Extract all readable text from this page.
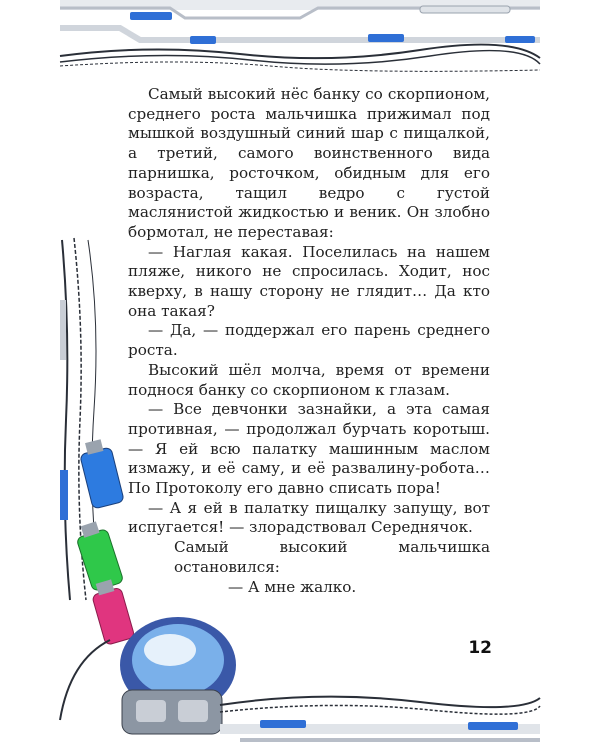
Самый высокий нёс банку со скорпионом, среднего роста мальчишка прижимал под мышкой воздушный синий шар с пищалкой, а третий, самого воинственного вида парнишка, росточком, обидным для его возраста, тащил ведро с густой маслянистой жидкостью и веник. Он злобно бормотал, не переставая:

— Наглая какая. Поселилась на нашем пляже, никого не спросилась. Ходит, нос кверху, в нашу сторону не глядит… Да кто она такая?

— Да, — поддержал его парень среднего роста.

Высокий шёл молча, время от времени поднося банку со скорпионом к глазам.

— Все девчонки зазнайки, а эта самая противная, — продолжал бурчать коротыш. — Я ей всю палатку машинным маслом измажу, и её саму, и её развалину-робота… По Протоколу его давно списать пора!

— А я ей в палатку пищалку запущу, вот испугается! — злорадствовал Середнячок.

Самый высокий мальчишка остановился:

— А мне жалко.

12
